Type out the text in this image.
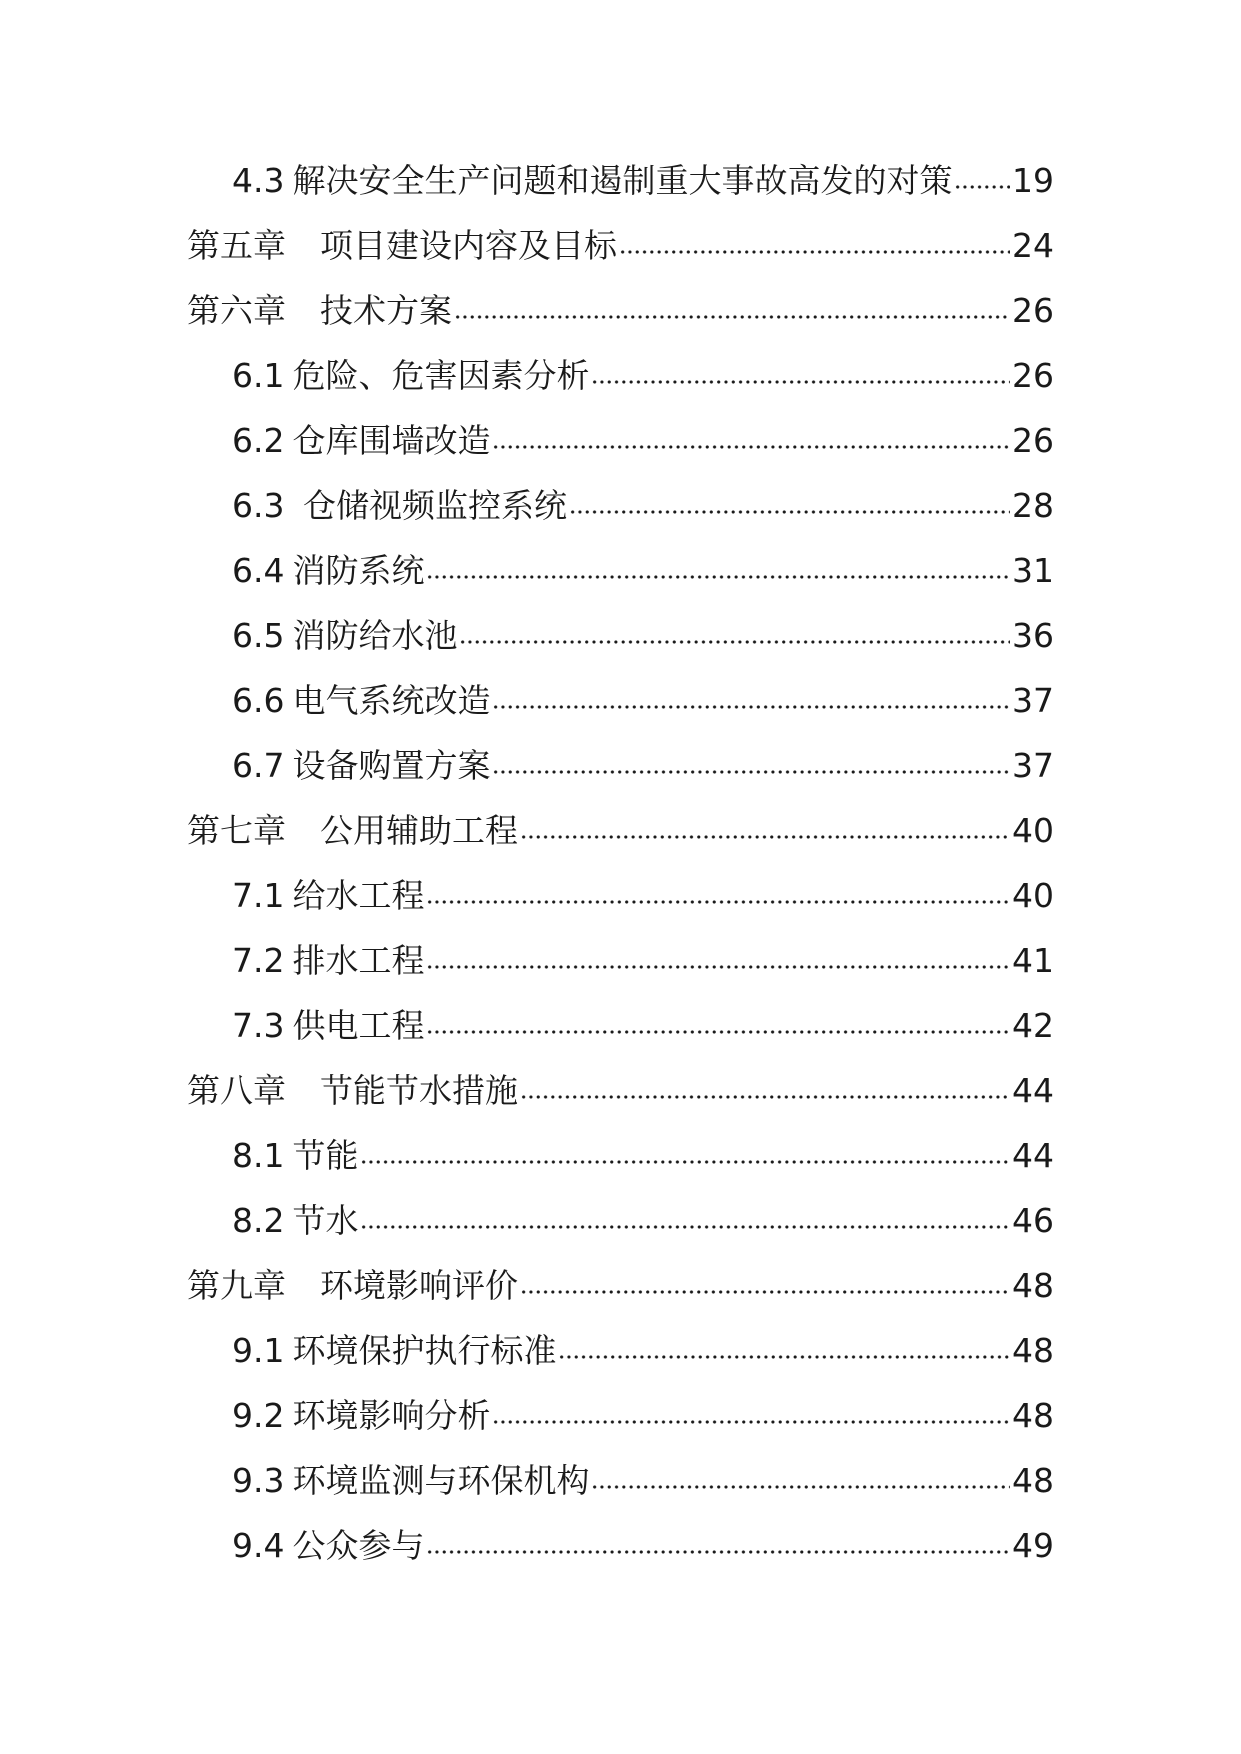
4.3 解决安全生产问题和遏制重大事故高发的对策 19
第五章 项目建设内容及目标	24
第六章 技术方案	26
6.1 危险、危害因素分析	26
6.2 仓库围墙改造	26
6.3 仓储视频监控系统	28
6.4 消防系统	31
6.5 消防给水池	36
6.6 电气系统改造	37
6.7 设备购置方案	37
第七章 公用辅助工程	40
7.1 给水工程	40
7.2 排水工程	41
7.3 供电工程	42
第八章 节能节水措施	44
8.1 节能	44
8.2 节水	46
第九章 环境影响评价	48
9.1 环境保护执行标准	48
9.2 环境影响分析	48
9.3 环境监测与环保机构	48
9.4 公众参与	49
